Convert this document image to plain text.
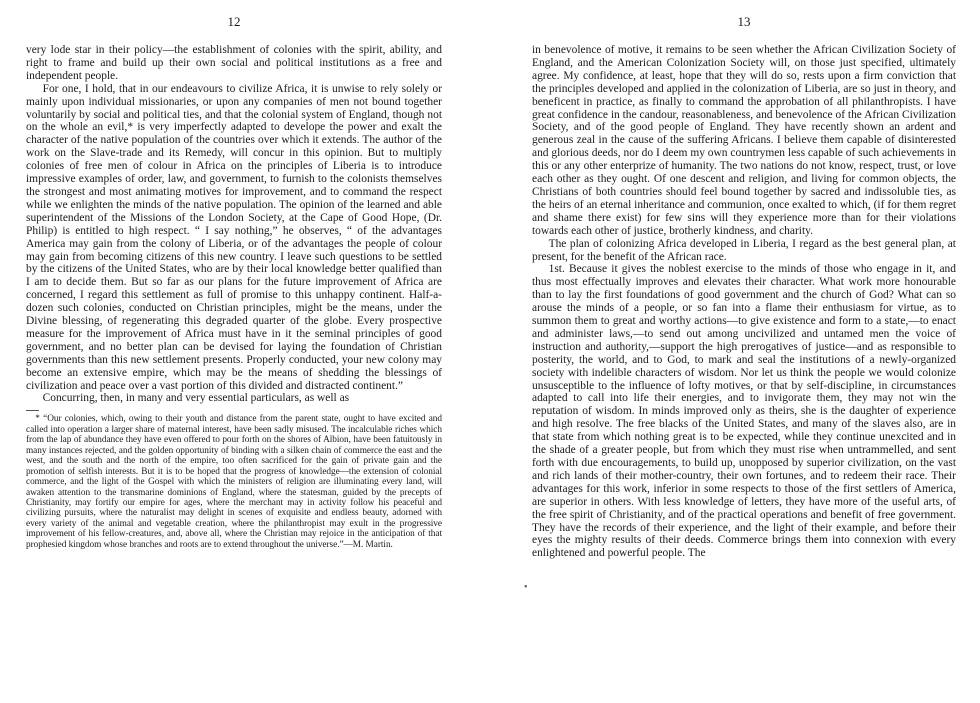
12

very lode star in their policy—the establishment of colonies with the spirit, ability, and right to frame and build up their own social and political institutions as a free and independent people.

For one, I hold, that in our endeavours to civilize Africa, it is unwise to rely solely or mainly upon individual missionaries, or upon any companies of men not bound together voluntarily by social and political ties, and that the colonial system of England, though not on the whole an evil,* is very imperfectly adapted to develope the power and exalt the character of the native population of the countries over which it extends. The author of the work on the Slave-trade and its Remedy, will concur in this opinion. But to multiply colonies of free men of colour in Africa on the principles of Liberia is to introduce impressive examples of order, law, and government, to furnish to the colonists themselves the strongest and most animating motives for improvement, and to command the respect while we enlighten the minds of the native population. The opinion of the learned and able superintendent of the Missions of the London Society, at the Cape of Good Hope, (Dr. Philip) is entitled to high respect. “ I say nothing,” he observes, “ of the advantages America may gain from the colony of Liberia, or of the advantages the people of colour may gain from becoming citizens of this new country. I leave such questions to be settled by the citizens of the United States, who are by their local knowledge better qualified than I am to decide them. But so far as our plans for the future improvement of Africa are concerned, I regard this settlement as full of promise to this unhappy continent. Half-a-dozen such colonies, conducted on Christian principles, might be the means, under the Divine blessing, of regenerating this degraded quarter of the globe. Every prospective measure for the improvement of Africa must have in it the seminal principles of good government, and no better plan can be devised for laying the foundation of Christian governments than this new settlement presents. Properly conducted, your new colony may become an extensive empire, which may be the means of shedding the blessings of civilization and peace over a vast portion of this divided and distracted continent.”

Concurring, then, in many and very essential particulars, as well as

* “Our colonies, which, owing to their youth and distance from the parent state, ought to have excited and called into operation a larger share of maternal interest, have been sadly misused. The incalculable riches which from the lap of abundance they have even offered to pour forth on the shores of Albion, have been fatuitously in many instances rejected, and the golden opportunity of binding with a silken chain of commerce the east and the west, and the south and the north of the empire, too often sacrificed for the gain of private gain and the promotion of selfish interests. But it is to be hoped that the progress of knowledge—the extension of colonial commerce, and the light of the Gospel with which the ministers of religion are illuminating every land, will awaken attention to the transmarine dominions of England, where the statesman, guided by the precepts of Christianity, may fortify our empire for ages, where the merchant may in activity follow his peaceful and civilizing pursuits, where the naturalist may delight in scenes of exquisite and endless beauty, adorned with every variety of the animal and vegetable creation, where the philanthropist may exult in the progressive improvement of his fellow-creatures, and, above all, where the Christian may rejoice in the anticipation of that prophesied kingdom whose branches and roots are to extend throughout the universe.”—M. Martin.

•
13

in benevolence of motive, it remains to be seen whether the African Civilization Society of England, and the American Colonization Society will, on those just specified, ultimately agree. My confidence, at least, hope that they will do so, rests upon a firm conviction that the principles developed and applied in the colonization of Liberia, are so just in theory, and beneficent in practice, as finally to command the approbation of all philanthropists. I have great confidence in the candour, reasonableness, and benevolence of the African Civilization Society, and of the good people of England. They have recently shown an ardent and generous zeal in the cause of the suffering Africans. I believe them capable of disinterested and glorious deeds, nor do I deem my own countrymen less capable of such achievements in this or any other enterprize of humanity. The two nations do not know, respect, trust, or love each other as they ought. Of one descent and religion, and living for common objects, the Christians of both countries should feel bound together by sacred and indissoluble ties, as the heirs of an eternal inheritance and communion, once exalted to which, (if for them regret and shame there exist) for few sins will they experience more than for their violations towards each other of justice, brotherly kindness, and charity.

The plan of colonizing Africa developed in Liberia, I regard as the best general plan, at present, for the benefit of the African race.

1st. Because it gives the noblest exercise to the minds of those who engage in it, and thus most effectually improves and elevates their character. What work more honourable than to lay the first foundations of good government and the church of God? What can so arouse the minds of a people, or so fan into a flame their enthusiasm for virtue, as to summon them to great and worthy actions—to give existence and form to a state,—to enact and administer laws,—to send out among uncivilized and untamed men the voice of instruction and authority,—support the high prerogatives of justice—and as responsible to posterity, the world, and to God, to mark and seal the institutions of a newly-organized society with indelible characters of wisdom. Nor let us think the people we would colonize unsusceptible to the influence of lofty motives, or that by self-discipline, in circumstances adapted to call into life their energies, and to invigorate them, they may not win the reputation of wisdom. In minds improved only as theirs, she is the daughter of experience and high resolve. The free blacks of the United States, and many of the slaves also, are in that state from which nothing great is to be expected, while they continue unexcited and in the shade of a greater people, but from which they must rise when untrammelled, and sent forth with due encouragements, to build up, unopposed by superior civilization, on the vast and rich lands of their mother-country, their own fortunes, and to redeem their race. Their advantages for this work, inferior in some respects to those of the first settlers of America, are superior in others. With less knowledge of letters, they have more of the useful arts, of the free spirit of Christianity, and of the practical operations and benefit of free government. They have the records of their experience, and the light of their example, and before their eyes the mighty results of their deeds. Commerce brings them into connexion with every enlightened and powerful people. The
